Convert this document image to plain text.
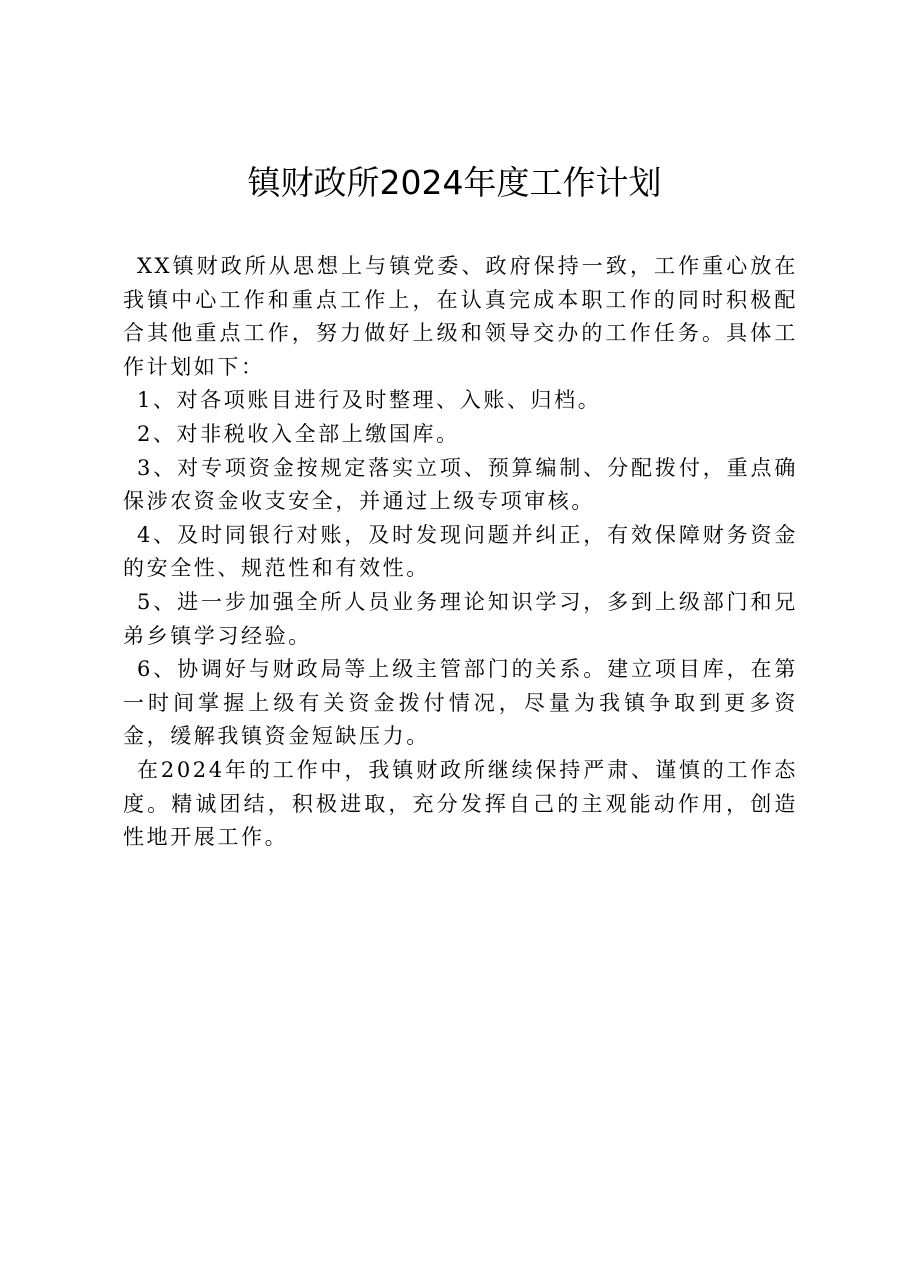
镇财政所2024年度工作计划

XX镇财政所从思想上与镇党委、政府保持一致，工作重心放在我镇中心工作和重点工作上，在认真完成本职工作的同时积极配合其他重点工作，努力做好上级和领导交办的工作任务。具体工作计划如下：

1、对各项账目进行及时整理、入账、归档。

2、对非税收入全部上缴国库。

3、对专项资金按规定落实立项、预算编制、分配拨付，重点确保涉农资金收支安全，并通过上级专项审核。

4、及时同银行对账，及时发现问题并纠正，有效保障财务资金的安全性、规范性和有效性。

5、进一步加强全所人员业务理论知识学习，多到上级部门和兄弟乡镇学习经验。

6、协调好与财政局等上级主管部门的关系。建立项目库，在第一时间掌握上级有关资金拨付情况，尽量为我镇争取到更多资金，缓解我镇资金短缺压力。

在2024年的工作中，我镇财政所继续保持严肃、谨慎的工作态度。精诚团结，积极进取，充分发挥自己的主观能动作用，创造性地开展工作。
